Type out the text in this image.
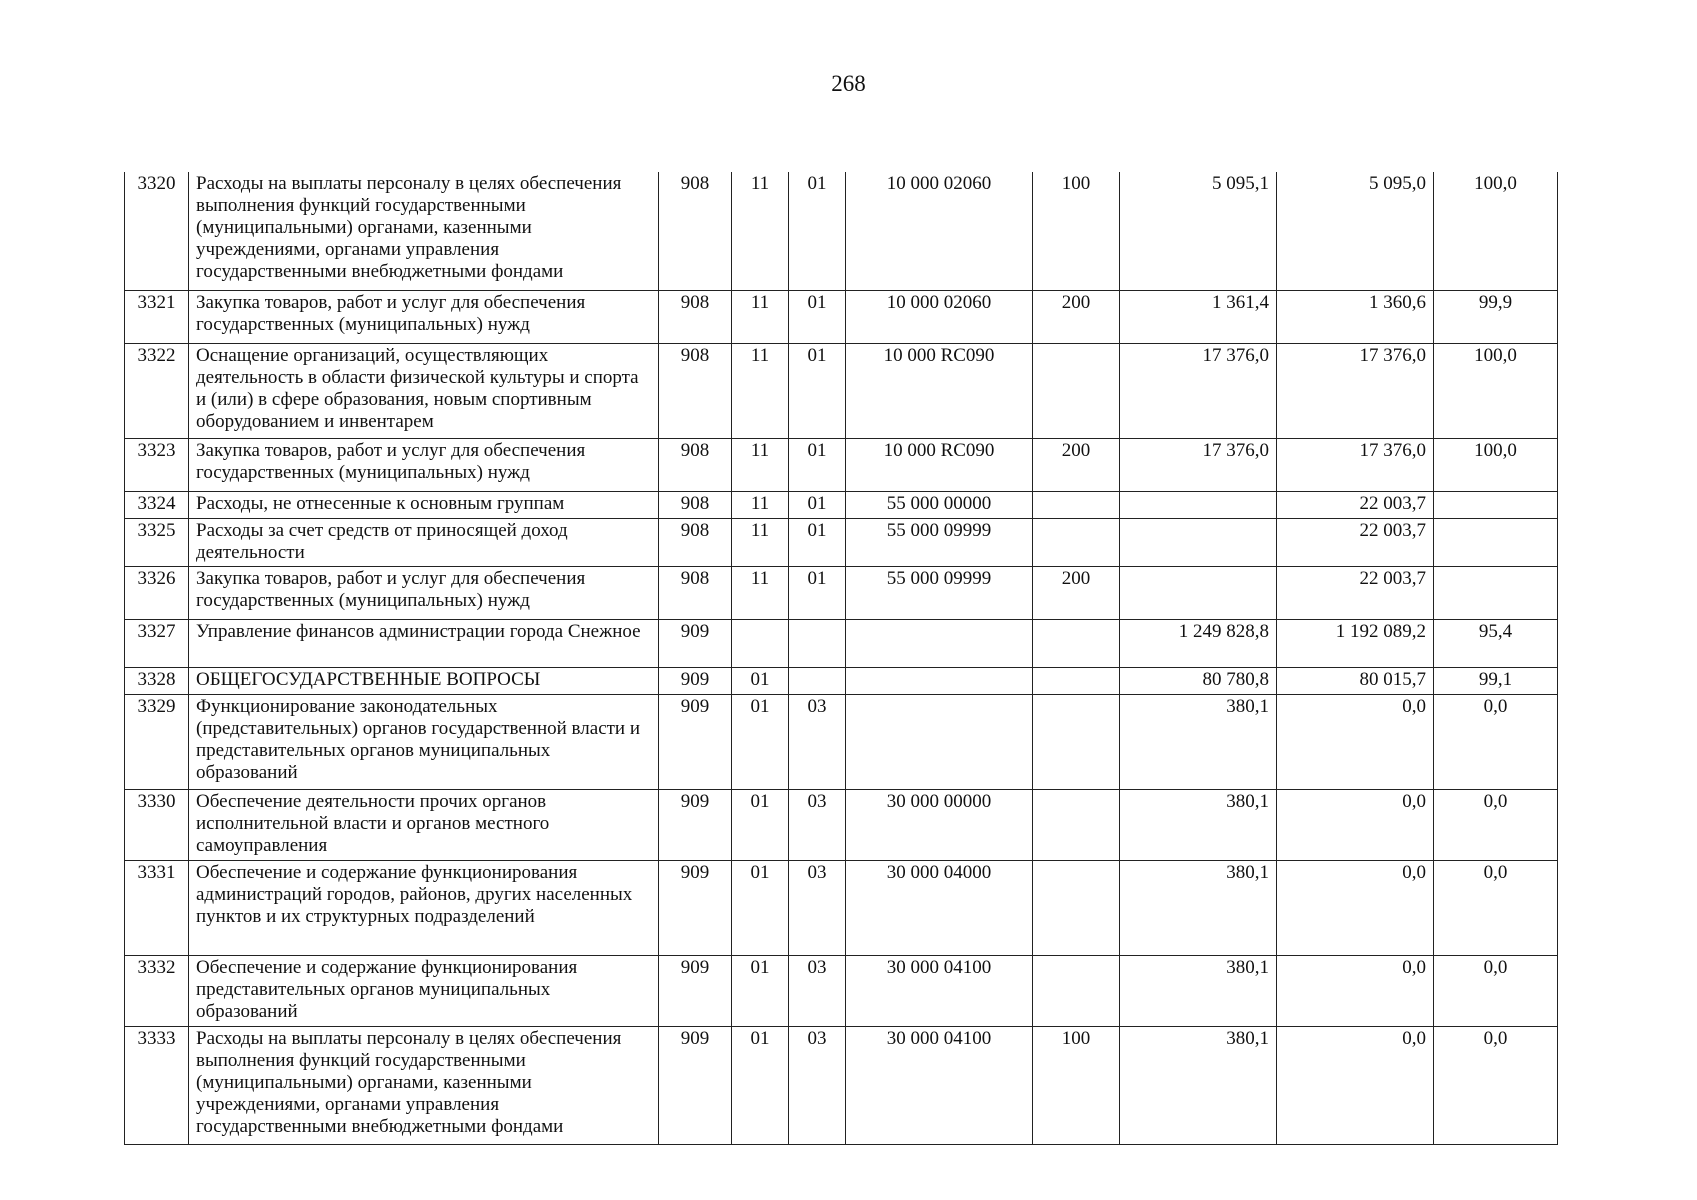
268
3320	Расходы на выплаты персоналу в целях обеспечения выполнения функций государственными (муниципальными) органами, казенными учреждениями, органами управления государственными внебюджетными фондами	908	11	01	10 000 02060	100	5 095,1	5 095,0	100,0
3321	Закупка товаров, работ и услуг для обеспечения государственных (муниципальных) нужд	908	11	01	10 000 02060	200	1 361,4	1 360,6	99,9
3322	Оснащение организаций, осуществляющих деятельность в области физической культуры и спорта и (или) в сфере образования, новым спортивным оборудованием и инвентарем	908	11	01	10 000 RC090		17 376,0	17 376,0	100,0
3323	Закупка товаров, работ и услуг для обеспечения государственных (муниципальных) нужд	908	11	01	10 000 RC090	200	17 376,0	17 376,0	100,0
3324	Расходы, не отнесенные к основным группам	908	11	01	55 000 00000			22 003,7	
3325	Расходы за счет средств от приносящей доход деятельности	908	11	01	55 000 09999			22 003,7	
3326	Закупка товаров, работ и услуг для обеспечения государственных (муниципальных) нужд	908	11	01	55 000 09999	200		22 003,7	
3327	Управление финансов администрации города Снежное	909					1 249 828,8	1 192 089,2	95,4
3328	ОБЩЕГОСУДАРСТВЕННЫЕ ВОПРОСЫ	909	01				80 780,8	80 015,7	99,1
3329	Функционирование законодательных (представительных) органов государственной власти и представительных органов муниципальных образований	909	01	03			380,1	0,0	0,0
3330	Обеспечение деятельности прочих органов исполнительной власти и органов местного самоуправления	909	01	03	30 000 00000		380,1	0,0	0,0
3331	Обеспечение и содержание функционирования администраций городов, районов, других населенных пунктов и их структурных подразделений	909	01	03	30 000 04000		380,1	0,0	0,0
3332	Обеспечение и содержание функционирования представительных органов муниципальных образований	909	01	03	30 000 04100		380,1	0,0	0,0
3333	Расходы на выплаты персоналу в целях обеспечения выполнения функций государственными (муниципальными) органами, казенными учреждениями, органами управления государственными внебюджетными фондами	909	01	03	30 000 04100	100	380,1	0,0	0,0
